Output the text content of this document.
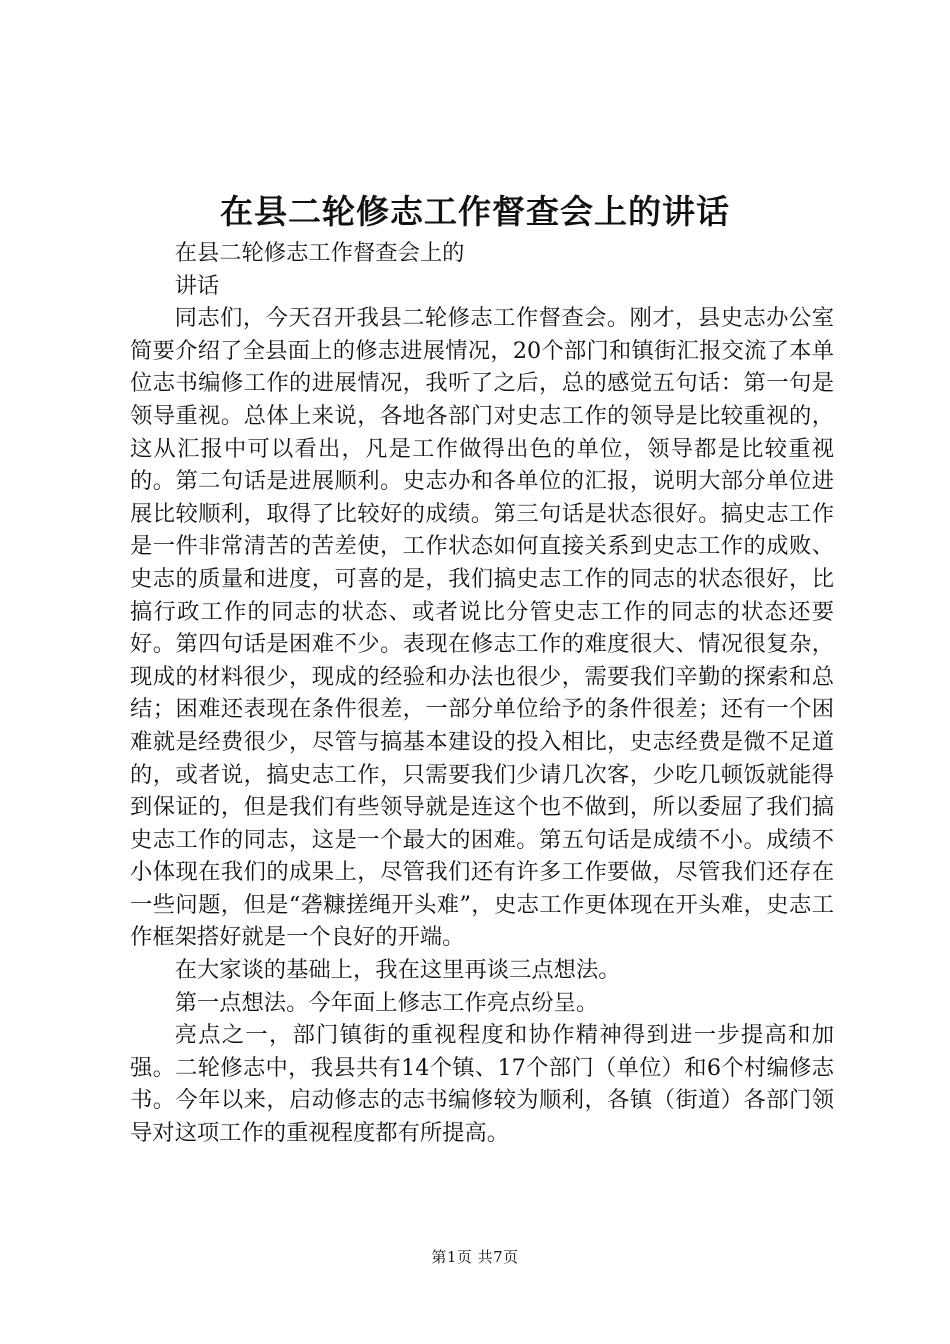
在县二轮修志工作督查会上的讲话

在县二轮修志工作督查会上的

讲话

同志们，今天召开我县二轮修志工作督查会。刚才，县史志办公室简要介绍了全县面上的修志进展情况，20个部门和镇街汇报交流了本单位志书编修工作的进展情况，我听了之后，总的感觉五句话：第一句是领导重视。总体上来说，各地各部门对史志工作的领导是比较重视的，这从汇报中可以看出，凡是工作做得出色的单位，领导都是比较重视的。第二句话是进展顺利。史志办和各单位的汇报，说明大部分单位进展比较顺利，取得了比较好的成绩。第三句话是状态很好。搞史志工作是一件非常清苦的苦差使，工作状态如何直接关系到史志工作的成败、史志的质量和进度，可喜的是，我们搞史志工作的同志的状态很好，比搞行政工作的同志的状态、或者说比分管史志工作的同志的状态还要好。第四句话是困难不少。表现在修志工作的难度很大、情况很复杂，现成的材料很少，现成的经验和办法也很少，需要我们辛勤的探索和总结；困难还表现在条件很差，一部分单位给予的条件很差；还有一个困难就是经费很少，尽管与搞基本建设的投入相比，史志经费是微不足道的，或者说，搞史志工作，只需要我们少请几次客，少吃几顿饭就能得到保证的，但是我们有些领导就是连这个也不做到，所以委屈了我们搞史志工作的同志，这是一个最大的困难。第五句话是成绩不小。成绩不小体现在我们的成果上，尽管我们还有许多工作要做，尽管我们还存在一些问题，但是“砻糠搓绳开头难”，史志工作更体现在开头难，史志工作框架搭好就是一个良好的开端。

在大家谈的基础上，我在这里再谈三点想法。

第一点想法。今年面上修志工作亮点纷呈。

亮点之一，部门镇街的重视程度和协作精神得到进一步提高和加强。二轮修志中，我县共有14个镇、17个部门（单位）和6个村编修志书。今年以来，启动修志的志书编修较为顺利，各镇（街道）各部门领导对这项工作的重视程度都有所提高。

第1页 共7页
